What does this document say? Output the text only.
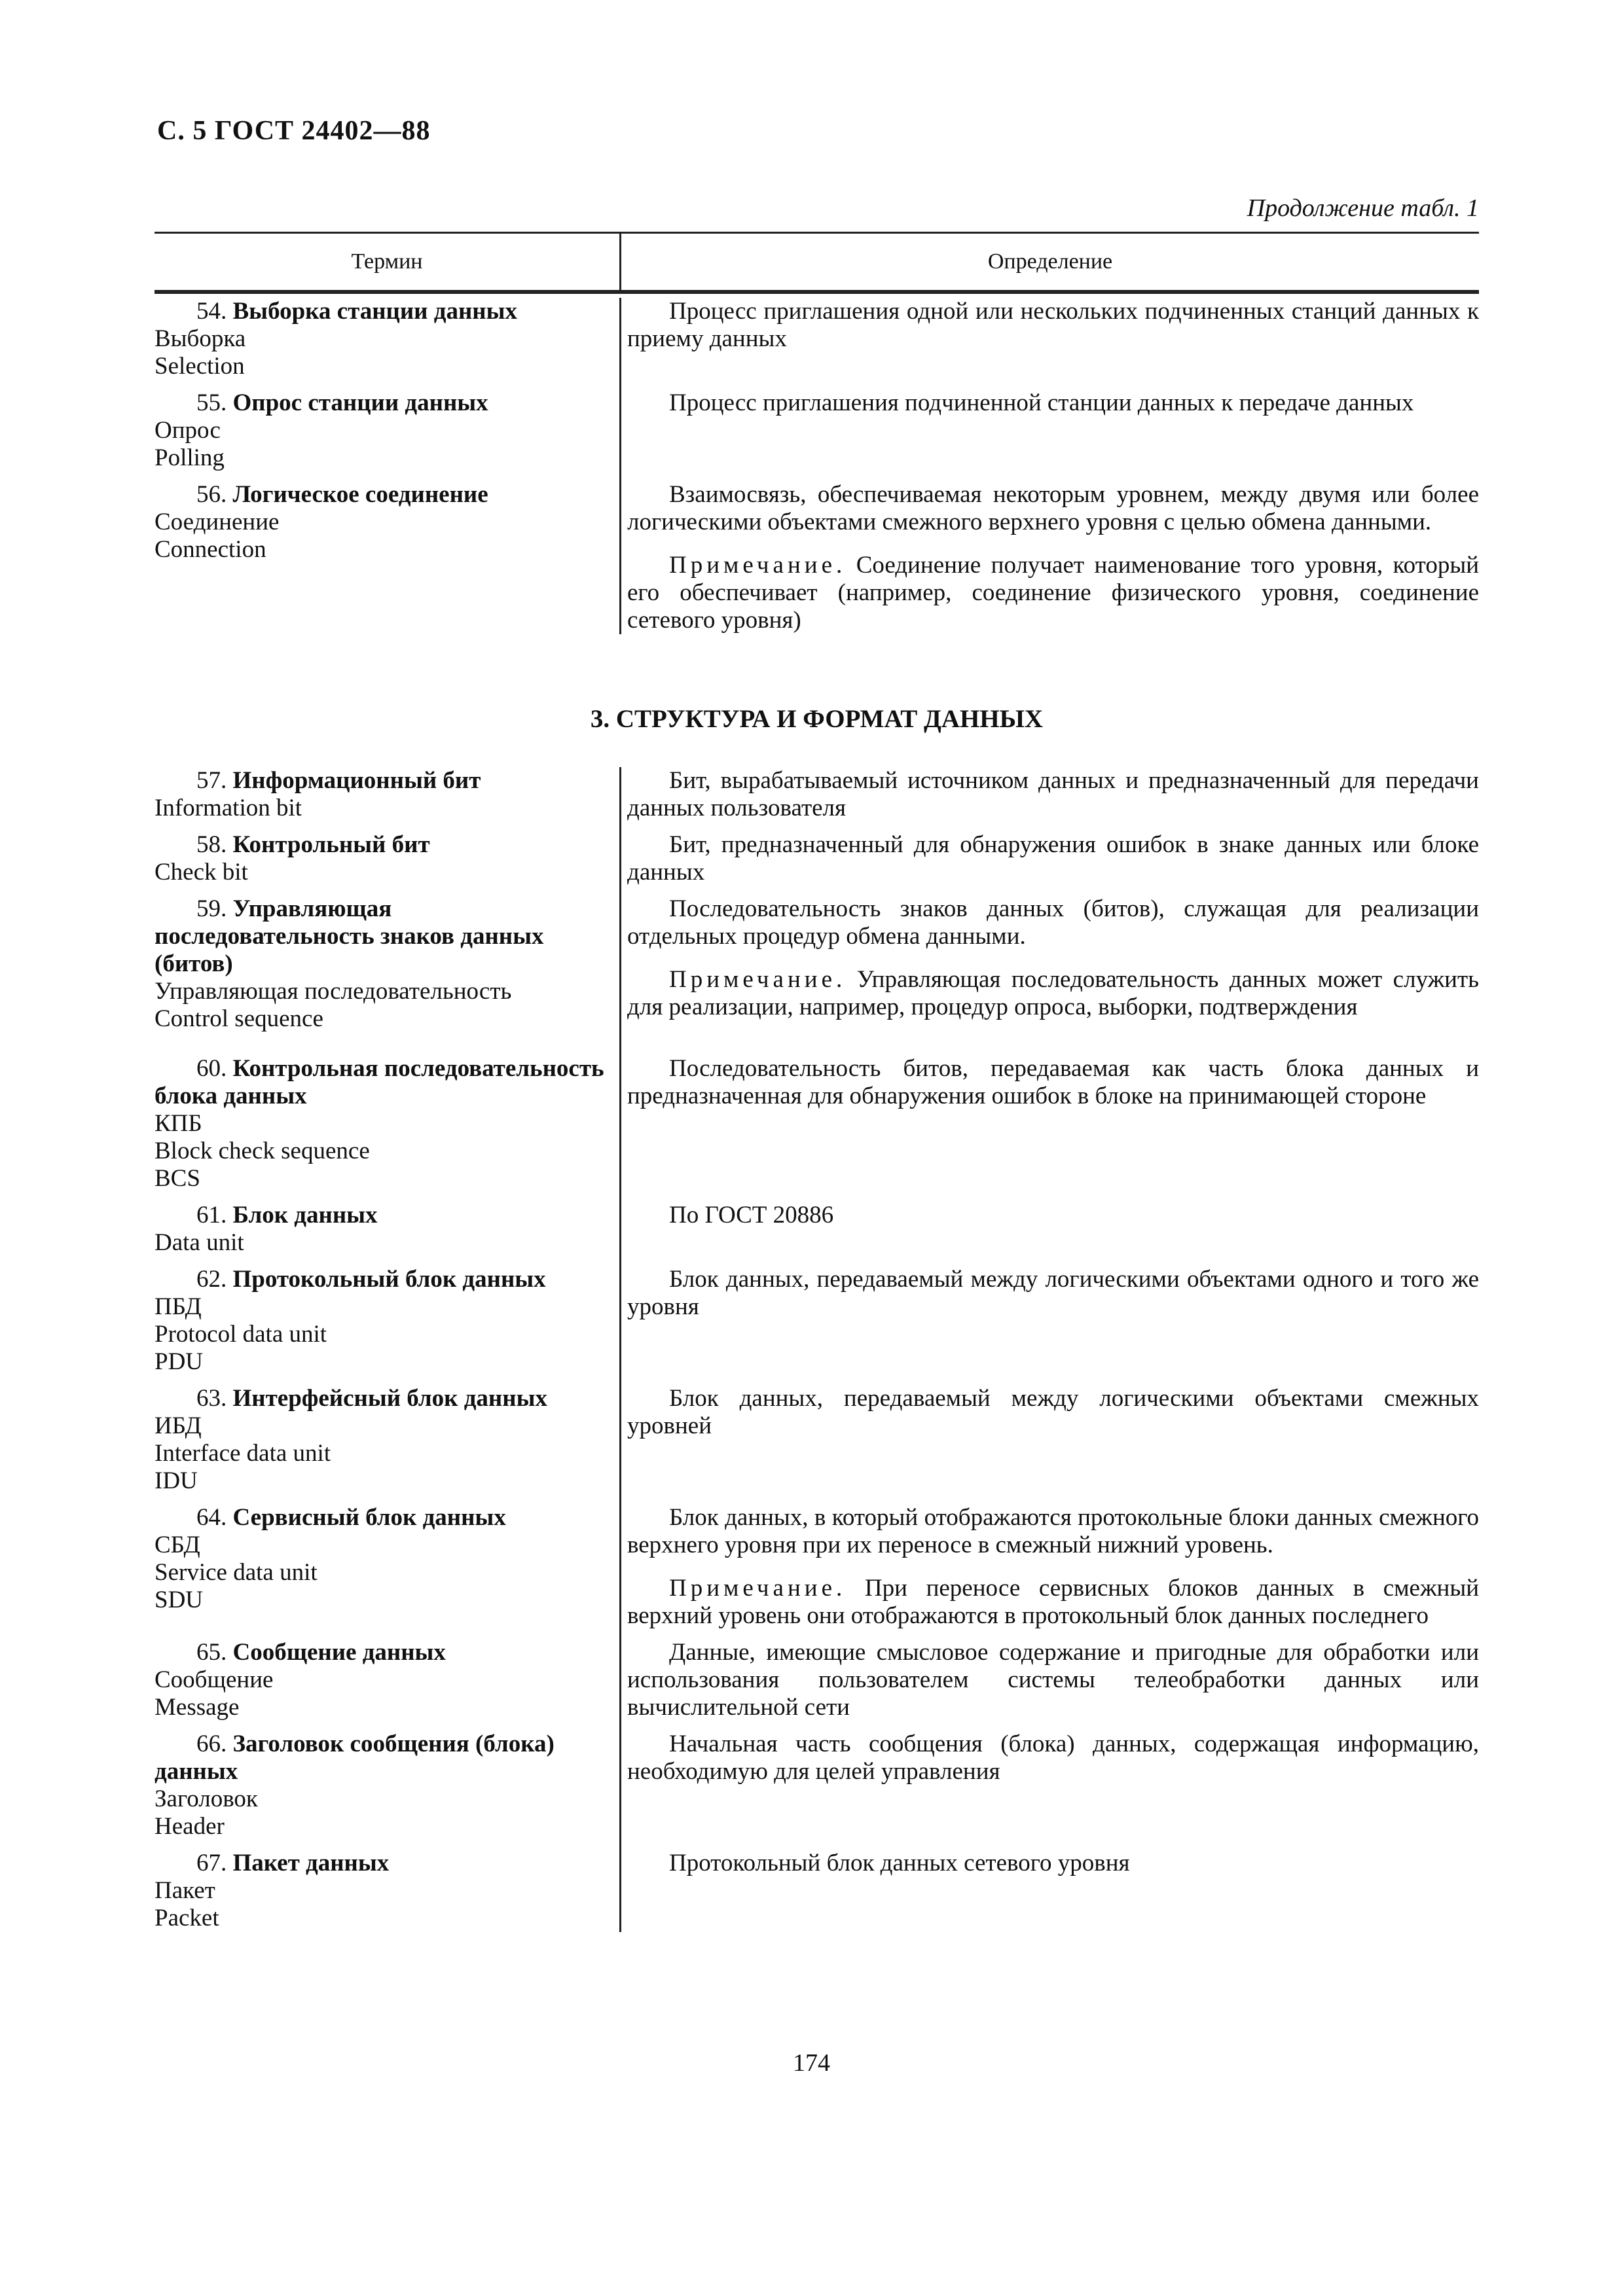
С. 5 ГОСТ 24402—88
Продолжение табл. 1
Термин	Определение
54. Выборка станции данных
Выборка
Selection
Процесс приглашения одной или нескольких подчиненных станций данных к приему данных
55. Опрос станции данных
Опрос
Polling
Процесс приглашения подчиненной станции данных к передаче данных
56. Логическое соединение
Соединение
Connection
Взаимосвязь, обеспечиваемая некоторым уровнем, между двумя или более логическими объектами смежного верхнего уровня с целью обмена данными.
Примечание. Соединение получает наименование того уровня, который его обеспечивает (например, соединение физического уровня, соединение сетевого уровня)
3. СТРУКТУРА И ФОРМАТ ДАННЫХ
57. Информационный бит
Information bit
Бит, вырабатываемый источником данных и предназначенный для передачи данных пользователя
58. Контрольный бит
Check bit
Бит, предназначенный для обнаружения ошибок в знаке данных или блоке данных
59. Управляющая последовательность знаков данных (битов)
Управляющая последовательность
Control sequence
Последовательность знаков данных (битов), служащая для реализации отдельных процедур обмена данными.
Примечание. Управляющая последовательность данных может служить для реализации, например, процедур опроса, выборки, подтверждения
60. Контрольная последовательность блока данных
КПБ
Block check sequence
BCS
Последовательность битов, передаваемая как часть блока данных и предназначенная для обнаружения ошибок в блоке на принимающей стороне
61. Блок данных
Data unit
По ГОСТ 20886
62. Протокольный блок данных
ПБД
Protocol data unit
PDU
Блок данных, передаваемый между логическими объектами одного и того же уровня
63. Интерфейсный блок данных
ИБД
Interface data unit
IDU
Блок данных, передаваемый между логическими объектами смежных уровней
64. Сервисный блок данных
СБД
Service data unit
SDU
Блок данных, в который отображаются протокольные блоки данных смежного верхнего уровня при их переносе в смежный нижний уровень.
Примечание. При переносе сервисных блоков данных в смежный верхний уровень они отображаются в протокольный блок данных последнего
65. Сообщение данных
Сообщение
Message
Данные, имеющие смысловое содержание и пригодные для обработки или использования пользователем системы телеобработки данных или вычислительной сети
66. Заголовок сообщения (блока) данных
Заголовок
Header
Начальная часть сообщения (блока) данных, содержащая информацию, необходимую для целей управления
67. Пакет данных
Пакет
Packet
Протокольный блок данных сетевого уровня
174
